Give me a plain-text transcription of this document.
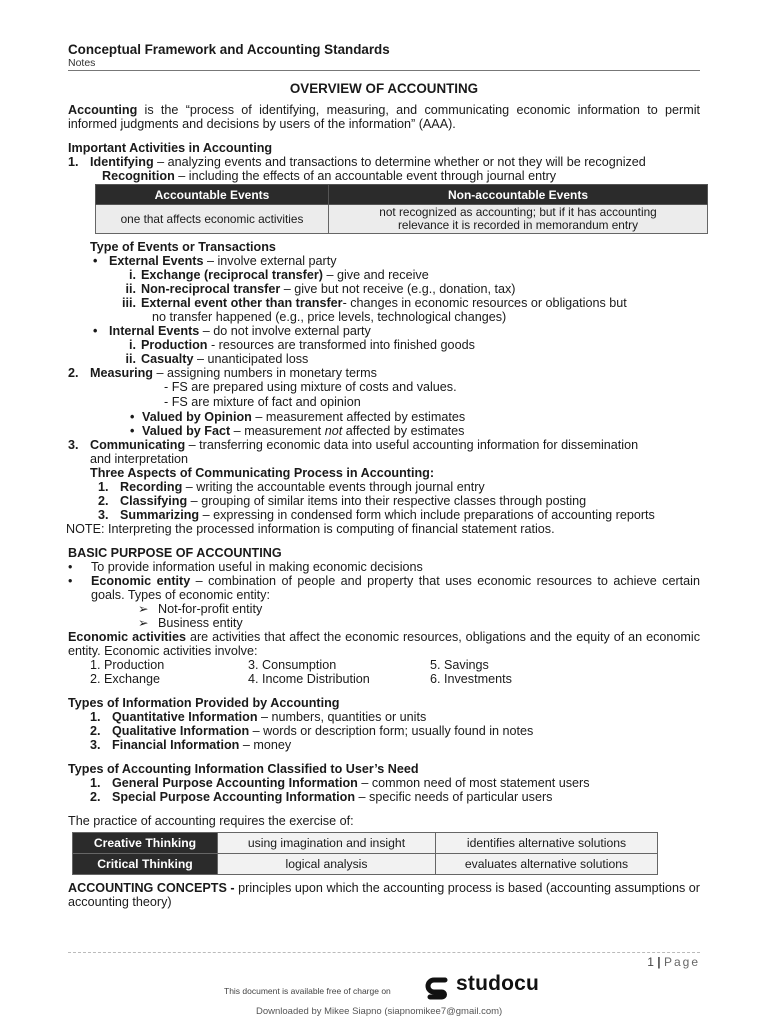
Conceptual Framework and Accounting Standards
Notes
OVERVIEW OF ACCOUNTING

Accounting is the “process of identifying, measuring, and communicating economic information to permit informed judgments and decisions by users of the information” (AAA).

Important Activities in Accounting
1. Identifying – analyzing events and transactions to determine whether or not they will be recognized
Recognition – including the effects of an accountable event through journal entry
Accountable Events	Non-accountable Events
one that affects economic activities	not recognized as accounting; but if it has accounting relevance it is recorded in memorandum entry
Type of Events or Transactions
• External Events – involve external party
i. Exchange (reciprocal transfer) – give and receive
ii. Non-reciprocal transfer – give but not receive (e.g., donation, tax)
iii. External event other than transfer- changes in economic resources or obligations but
no transfer happened (e.g., price levels, technological changes)
• Internal Events – do not involve external party
i. Production - resources are transformed into finished goods
ii. Casualty – unanticipated loss
2. Measuring – assigning numbers in monetary terms
- FS are prepared using mixture of costs and values.
- FS are mixture of fact and opinion
• Valued by Opinion – measurement affected by estimates
• Valued by Fact – measurement not affected by estimates
3. Communicating – transferring economic data into useful accounting information for dissemination
and interpretation
Three Aspects of Communicating Process in Accounting:
1. Recording – writing the accountable events through journal entry
2. Classifying – grouping of similar items into their respective classes through posting
3. Summarizing – expressing in condensed form which include preparations of accounting reports
NOTE: Interpreting the processed information is computing of financial statement ratios.
BASIC PURPOSE OF ACCOUNTING
• To provide information useful in making economic decisions
•	Economic entity – combination of people and property that uses economic resources to achieve certain goals. Types of economic entity:

➢ Not-for-profit entity
➢ Business entity

Economic activities are activities that affect the economic resources, obligations and the equity of an economic entity. Economic activities involve:

1. Production	3. Consumption	5. Savings
2. Exchange	4. Income Distribution	6. Investments
Types of Information Provided by Accounting
1. Quantitative Information – numbers, quantities or units
2. Qualitative Information – words or description form; usually found in notes
3. Financial Information – money
Types of Accounting Information Classified to User’s Need
1. General Purpose Accounting Information – common need of most statement users
2. Special Purpose Accounting Information – specific needs of particular users
The practice of accounting requires the exercise of:
Creative Thinking	using imagination and insight	identifies alternative solutions
Critical Thinking	logical analysis	evaluates alternative solutions

ACCOUNTING CONCEPTS - principles upon which the accounting process is based (accounting assumptions or accounting theory)

1 | Page
This document is available free of charge on	studocu
Downloaded by Mikee Siapno (siapnomikee7@gmail.com)
